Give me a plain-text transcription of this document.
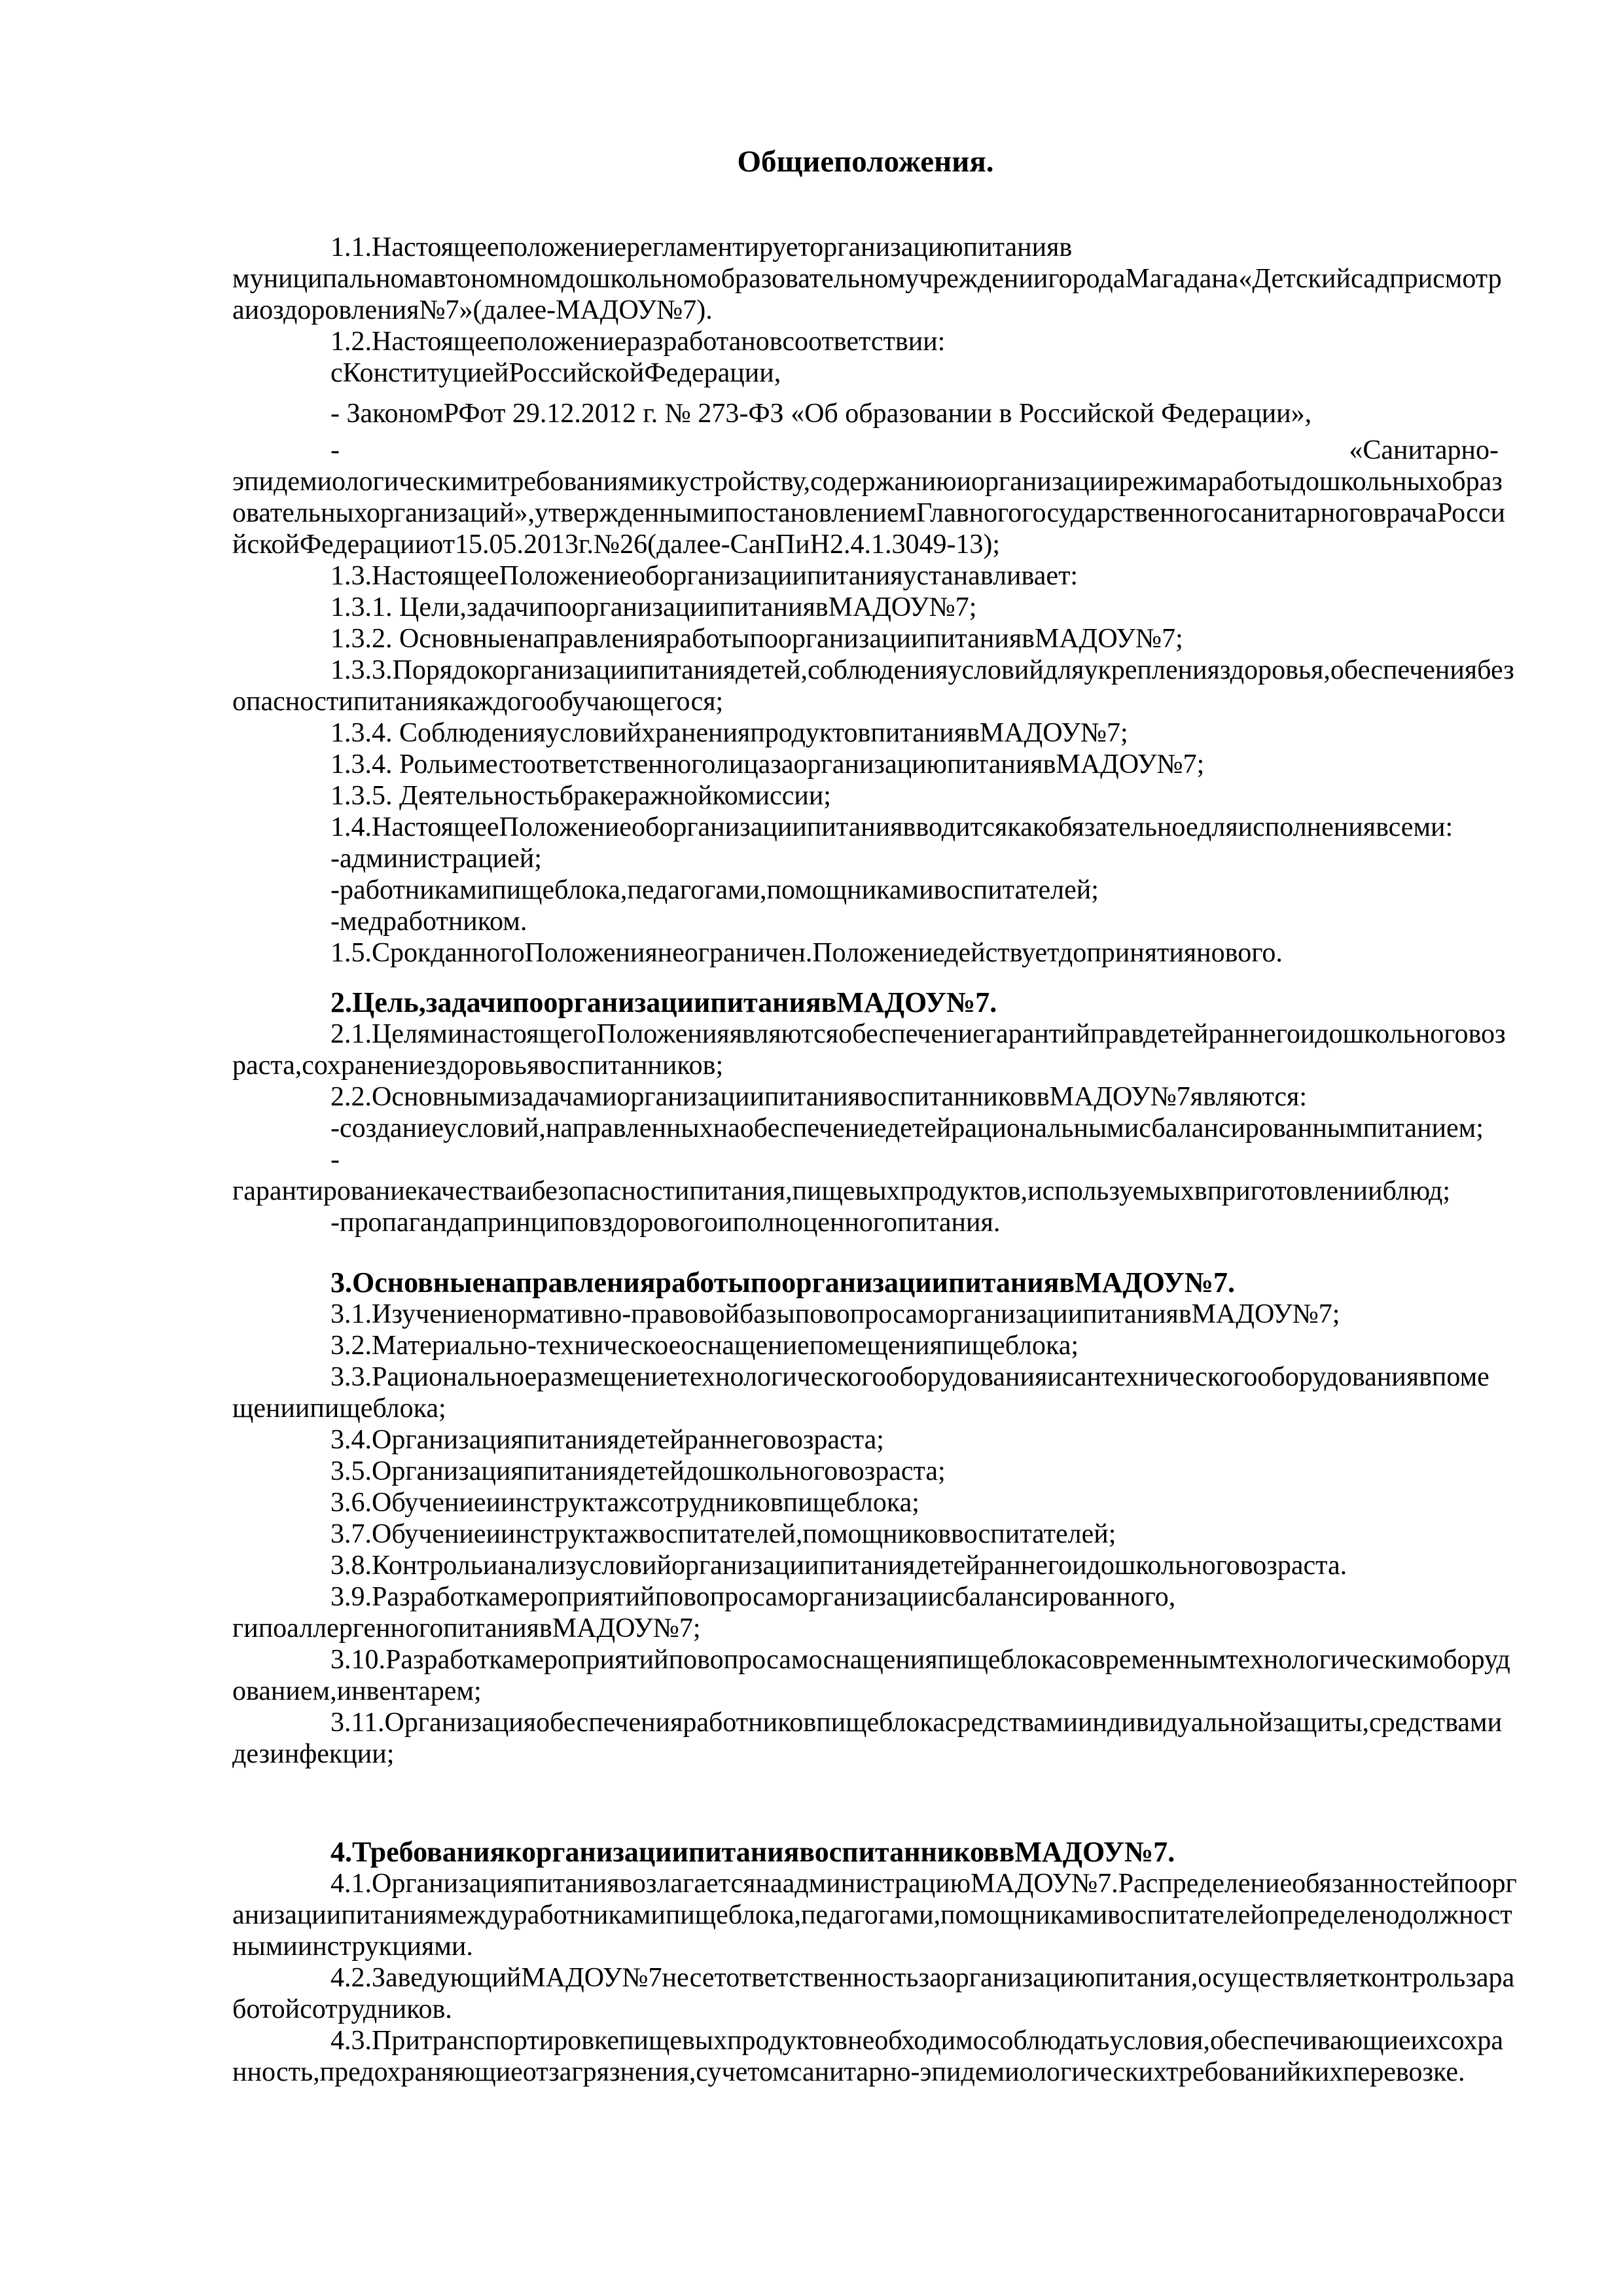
Общиеположения.
1.1.Настоящееположениерегламентируеторганизациюпитанияв
муниципальномавтономномдошкольномобразовательномучреждениигородаМагадана«Детскийсадприсмотр
аиоздоровления№7»(далее-МАДОУ№7).
1.2.Настоящееположениеразработановсоответствии:
сКонституциейРоссийскойФедерации,
- ЗакономРФот 29.12.2012 г. № 273-ФЗ «Об образовании в Российской Федерации»,
-	«Санитарно-
эпидемиологическимитребованиямикустройству,содержаниюиорганизациирежимаработыдошкольныхобраз
овательныхорганизаций»,утвержденнымипостановлениемГлавногогосударственногосанитарноговрачаРосси
йскойФедерацииот15.05.2013г.№26(далее-СанПиН2.4.1.3049-13);
1.3.НастоящееПоложениеоборганизациипитанияустанавливает:
1.3.1. Цели,задачипоорганизациипитаниявМАДОУ№7;
1.3.2. ОсновныенаправленияработыпоорганизациипитаниявМАДОУ№7;
1.3.3.Порядокорганизациипитаниядетей,соблюденияусловийдляукрепленияздоровья,обеспечениябез
опасностипитаниякаждогообучающегося;
1.3.4. СоблюденияусловийхраненияпродуктовпитаниявМАДОУ№7;
1.3.4. РольиместоответственноголицазаорганизациюпитаниявМАДОУ№7;
1.3.5. Деятельностьбракеражнойкомиссии;
1.4.НастоящееПоложениеоборганизациипитаниявводитсякакобязательноедляисполнениявсеми:
-администрацией;
-работникамипищеблока,педагогами,помощникамивоспитателей;
-медработником.
1.5.СрокданногоПоложениянеограничен.Положениедействуетдопринятиянового.
2.Цель,задачипоорганизациипитаниявМАДОУ№7.
2.1.ЦеляминастоящегоПоложенияявляютсяобеспечениегарантийправдетейраннегоидошкольноговоз
раста,сохранениездоровьявоспитанников;
2.2.ОсновнымизадачамиорганизациипитаниявоспитанниковвМАДОУ№7являются:
-созданиеусловий,направленныхнаобеспечениедетейрациональнымисбалансированнымпитанием;
-
гарантированиекачестваибезопасностипитания,пищевыхпродуктов,используемыхвприготовленииблюд;
-пропагандапринциповздоровогоиполноценногопитания.
3.ОсновныенаправленияработыпоорганизациипитаниявМАДОУ№7.
3.1.Изучениенормативно-правовойбазыповопросаморганизациипитаниявМАДОУ№7;
3.2.Материально-техническоеоснащениепомещенияпищеблока;
3.3.Рациональноеразмещениетехнологическогооборудованияисантехническогооборудованиявпоме
щениипищеблока;
3.4.Организацияпитаниядетейраннеговозраста;
3.5.Организацияпитаниядетейдошкольноговозраста;
3.6.Обучениеиинструктажсотрудниковпищеблока;
3.7.Обучениеиинструктажвоспитателей,помощниковвоспитателей;
3.8.Контрольианализусловийорганизациипитаниядетейраннегоидошкольноговозраста.
3.9.Разработкамероприятийповопросаморганизациисбалансированного,
гипоаллергенногопитаниявМАДОУ№7;
3.10.Разработкамероприятийповопросамоснащенияпищеблокасовременнымтехнологическимоборуд
ованием,инвентарем;
3.11.Организацияобеспеченияработниковпищеблокасредствамииндивидуальнойзащиты,средствами
дезинфекции;
4.ТребованиякорганизациипитаниявоспитанниковвМАДОУ№7.
4.1.ОрганизацияпитаниявозлагаетсянаадминистрациюМАДОУ№7.Распределениеобязанностейпоорг
анизациипитаниямеждуработникамипищеблока,педагогами,помощникамивоспитателейопределенодолжност
нымиинструкциями.
4.2.ЗаведующийМАДОУ№7несетответственностьзаорганизациюпитания,осуществляетконтрользара
ботойсотрудников.
4.3.Притранспортировкепищевыхпродуктовнеобходимособлюдатьусловия,обеспечивающиеихсохра
нность,предохраняющиеотзагрязнения,сучетомсанитарно-эпидемиологическихтребованийкихперевозке.
